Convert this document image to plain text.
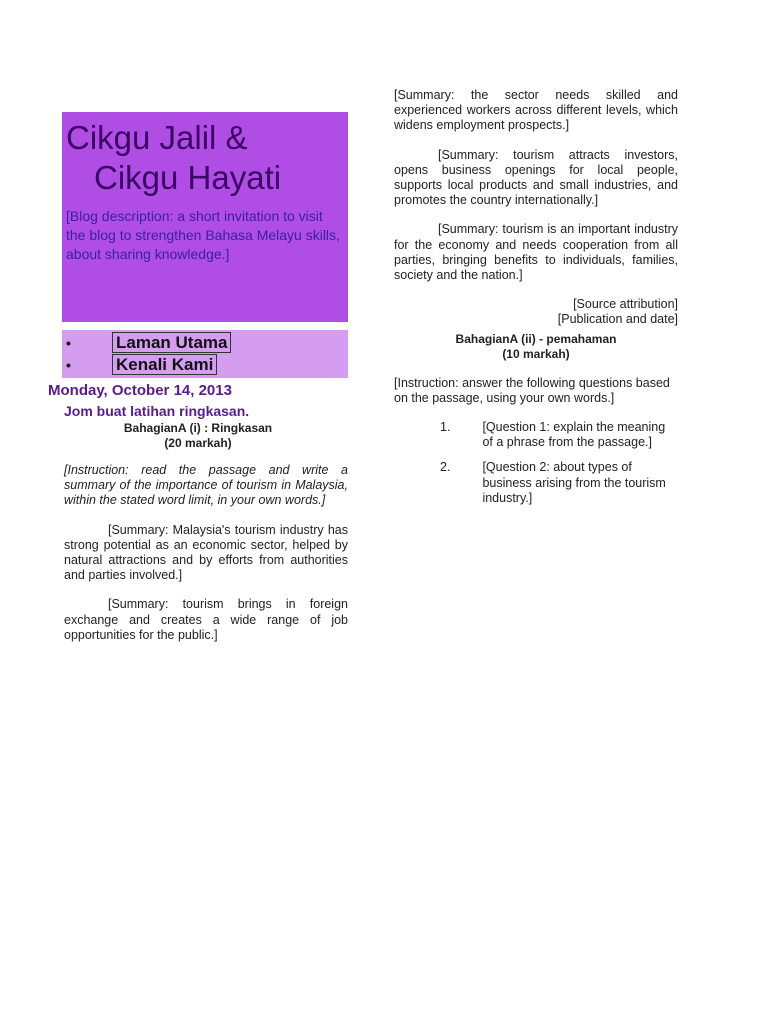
Cikgu Jalil &
Cikgu Hayati

[Blog description: a short invitation to visit the blog to strengthen Bahasa Melayu skills, about sharing knowledge.]

• Laman Utama
• Kenali Kami
Monday, October 14, 2013
Jom buat latihan ringkasan.
BahagianA (i) : Ringkasan
(20 markah)

[Instruction: read the passage and write a summary of the importance of tourism in Malaysia, within the stated word limit, in your own words.]

[Summary: Malaysia's tourism industry has strong potential as an economic sector, helped by natural attractions and by efforts from authorities and parties involved.]

[Summary: tourism brings in foreign exchange and creates a wide range of job opportunities for the public.]

[Summary: the sector needs skilled and experienced workers across different levels, which widens employment prospects.]

[Summary: tourism attracts investors, opens business openings for local people, supports local products and small industries, and promotes the country internationally.]

[Summary: tourism is an important industry for the economy and needs cooperation from all parties, bringing benefits to individuals, families, society and the nation.]

[Source attribution]
[Publication and date]
BahagianA (ii) - pemahaman
(10 markah)

[Instruction: answer the following questions based on the passage, using your own words.]

1.	[Question 1: explain the meaning of a phrase from the passage.]
2.	[Question 2: about types of business arising from the tourism industry.]
